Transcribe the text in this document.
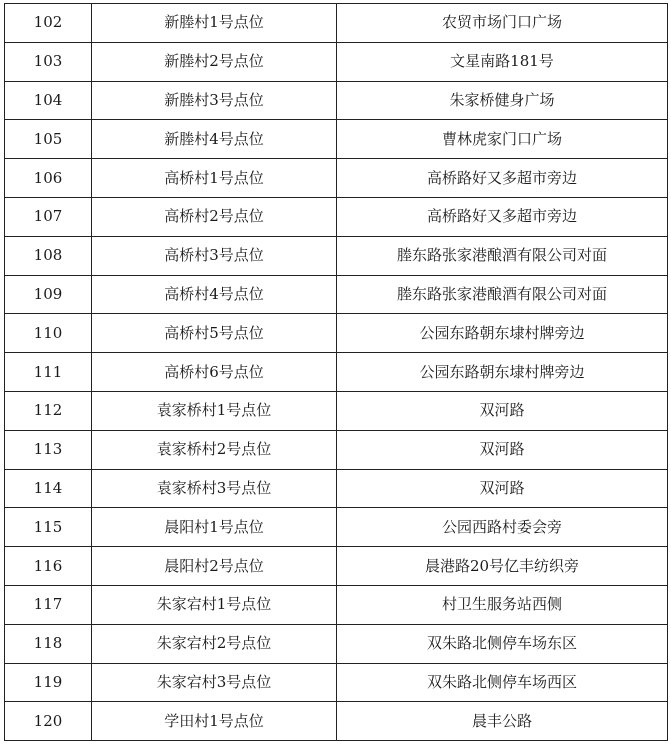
102	新塍村1号点位	农贸市场门口广场
103	新塍村2号点位	文星南路181号
104	新塍村3号点位	朱家桥健身广场
105	新塍村4号点位	曹林虎家门口广场
106	高桥村1号点位	高桥路好又多超市旁边
107	高桥村2号点位	高桥路好又多超市旁边
108	高桥村3号点位	塍东路张家港酿酒有限公司对面
109	高桥村4号点位	塍东路张家港酿酒有限公司对面
110	高桥村5号点位	公园东路朝东埭村牌旁边
111	高桥村6号点位	公园东路朝东埭村牌旁边
112	袁家桥村1号点位	双河路
113	袁家桥村2号点位	双河路
114	袁家桥村3号点位	双河路
115	晨阳村1号点位	公园西路村委会旁
116	晨阳村2号点位	晨港路20号亿丰纺织旁
117	朱家宕村1号点位	村卫生服务站西侧
118	朱家宕村2号点位	双朱路北侧停车场东区
119	朱家宕村3号点位	双朱路北侧停车场西区
120	学田村1号点位	晨丰公路
